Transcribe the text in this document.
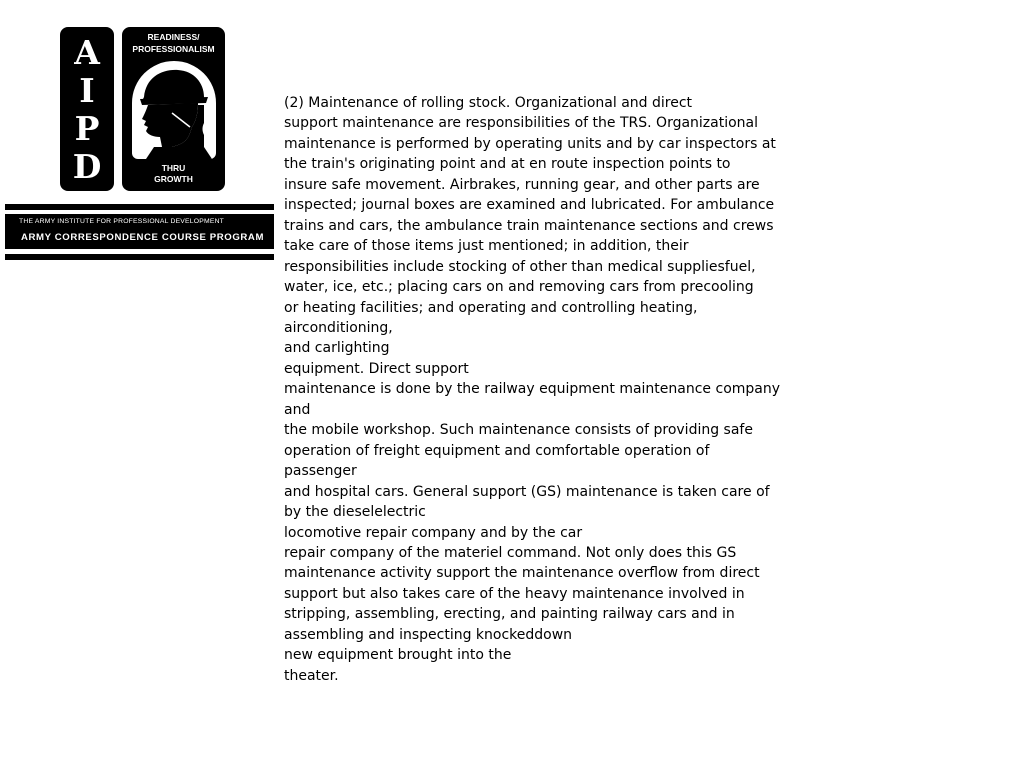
A
I
P
D
READINESS/
PROFESSIONALISM
THRU
GROWTH
THE ARMY INSTITUTE FOR PROFESSIONAL DEVELOPMENT
ARMY CORRESPONDENCE COURSE PROGRAM
(2) Maintenance of rolling stock. Organizational and direct
support maintenance are responsibilities of the TRS. Organizational
maintenance is performed by operating units and by car inspectors at
the train's originating point and at en route inspection points to
insure safe movement. Airbrakes, running gear, and other parts are
inspected; journal boxes are examined and lubricated. For ambulance
trains and cars, the ambulance train maintenance sections and crews
take care of those items just mentioned; in addition, their
responsibilities include stocking of other than medical suppliesfuel,
water, ice, etc.; placing cars on and removing cars from precooling
or heating facilities; and operating and controlling heating,
airconditioning,
and carlighting
equipment. Direct support
maintenance is done by the railway equipment maintenance company
and
the mobile workshop. Such maintenance consists of providing safe
operation of freight equipment and comfortable operation of
passenger
and hospital cars. General support (GS) maintenance is taken care of
by the dieselelectric
locomotive repair company and by the car
repair company of the materiel command. Not only does this GS
maintenance activity support the maintenance overflow from direct
support but also takes care of the heavy maintenance involved in
stripping, assembling, erecting, and painting railway cars and in
assembling and inspecting knockeddown
new equipment brought into the
theater.
